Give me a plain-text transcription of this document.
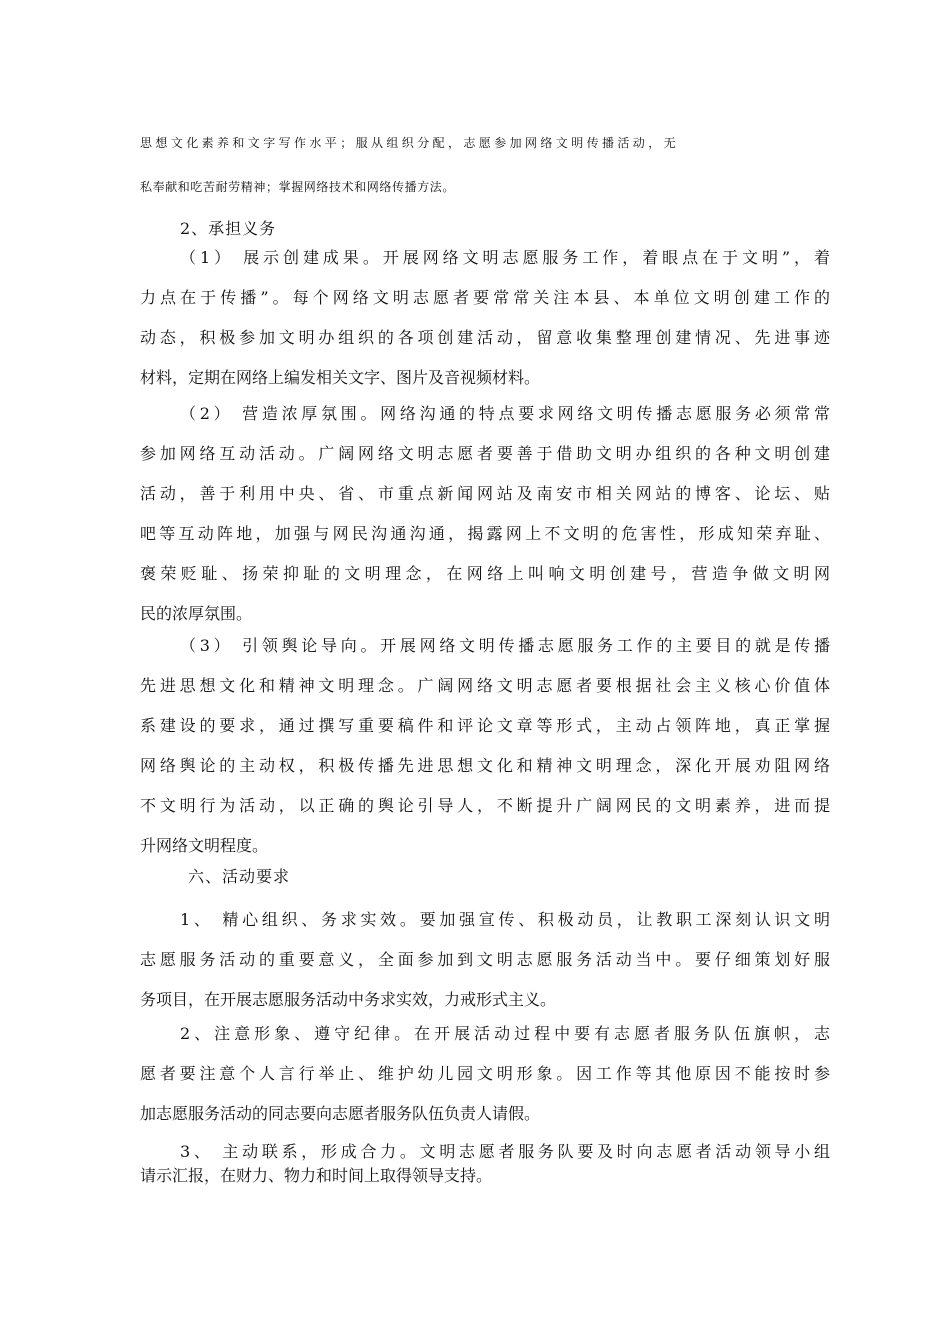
思想文化素养和文字写作水平；服从组织分配，志愿参加网络文明传播活动，无
私奉献和吃苦耐劳精神；掌握网络技术和网络传播方法。
2、承担义务
（1） 展示创建成果。开展网络文明志愿服务工作，着眼点在于文明”，着
力点在于传播”。每个网络文明志愿者要常常关注本县、本单位文明创建工作的
动态，积极参加文明办组织的各项创建活动，留意收集整理创建情况、先进事迹
材料，定期在网络上编发相关文字、图片及音视频材料。
（2） 营造浓厚氛围。网络沟通的特点要求网络文明传播志愿服务必须常常
参加网络互动活动。广阔网络文明志愿者要善于借助文明办组织的各种文明创建
活动，善于利用中央、省、市重点新闻网站及南安市相关网站的博客、论坛、贴
吧等互动阵地，加强与网民沟通沟通，揭露网上不文明的危害性，形成知荣弃耻、
褒荣贬耻、扬荣抑耻的文明理念，在网络上叫响文明创建号，营造争做文明网
民的浓厚氛围。
（3） 引领舆论导向。开展网络文明传播志愿服务工作的主要目的就是传播
先进思想文化和精神文明理念。广阔网络文明志愿者要根据社会主义核心价值体
系建设的要求，通过撰写重要稿件和评论文章等形式，主动占领阵地，真正掌握
网络舆论的主动权，积极传播先进思想文化和精神文明理念，深化开展劝阻网络
不文明行为活动，以正确的舆论引导人，不断提升广阔网民的文明素养，进而提
升网络文明程度。
六、活动要求
1、 精心组织、务求实效。要加强宣传、积极动员，让教职工深刻认识文明
志愿服务活动的重要意义，全面参加到文明志愿服务活动当中。要仔细策划好服
务项目，在开展志愿服务活动中务求实效，力戒形式主义。
2、注意形象、遵守纪律。在开展活动过程中要有志愿者服务队伍旗帜，志
愿者要注意个人言行举止、维护幼儿园文明形象。因工作等其他原因不能按时参
加志愿服务活动的同志要向志愿者服务队伍负责人请假。
3、 主动联系，形成合力。文明志愿者服务队要及时向志愿者活动领导小组
请示汇报，在财力、物力和时间上取得领导支持。
